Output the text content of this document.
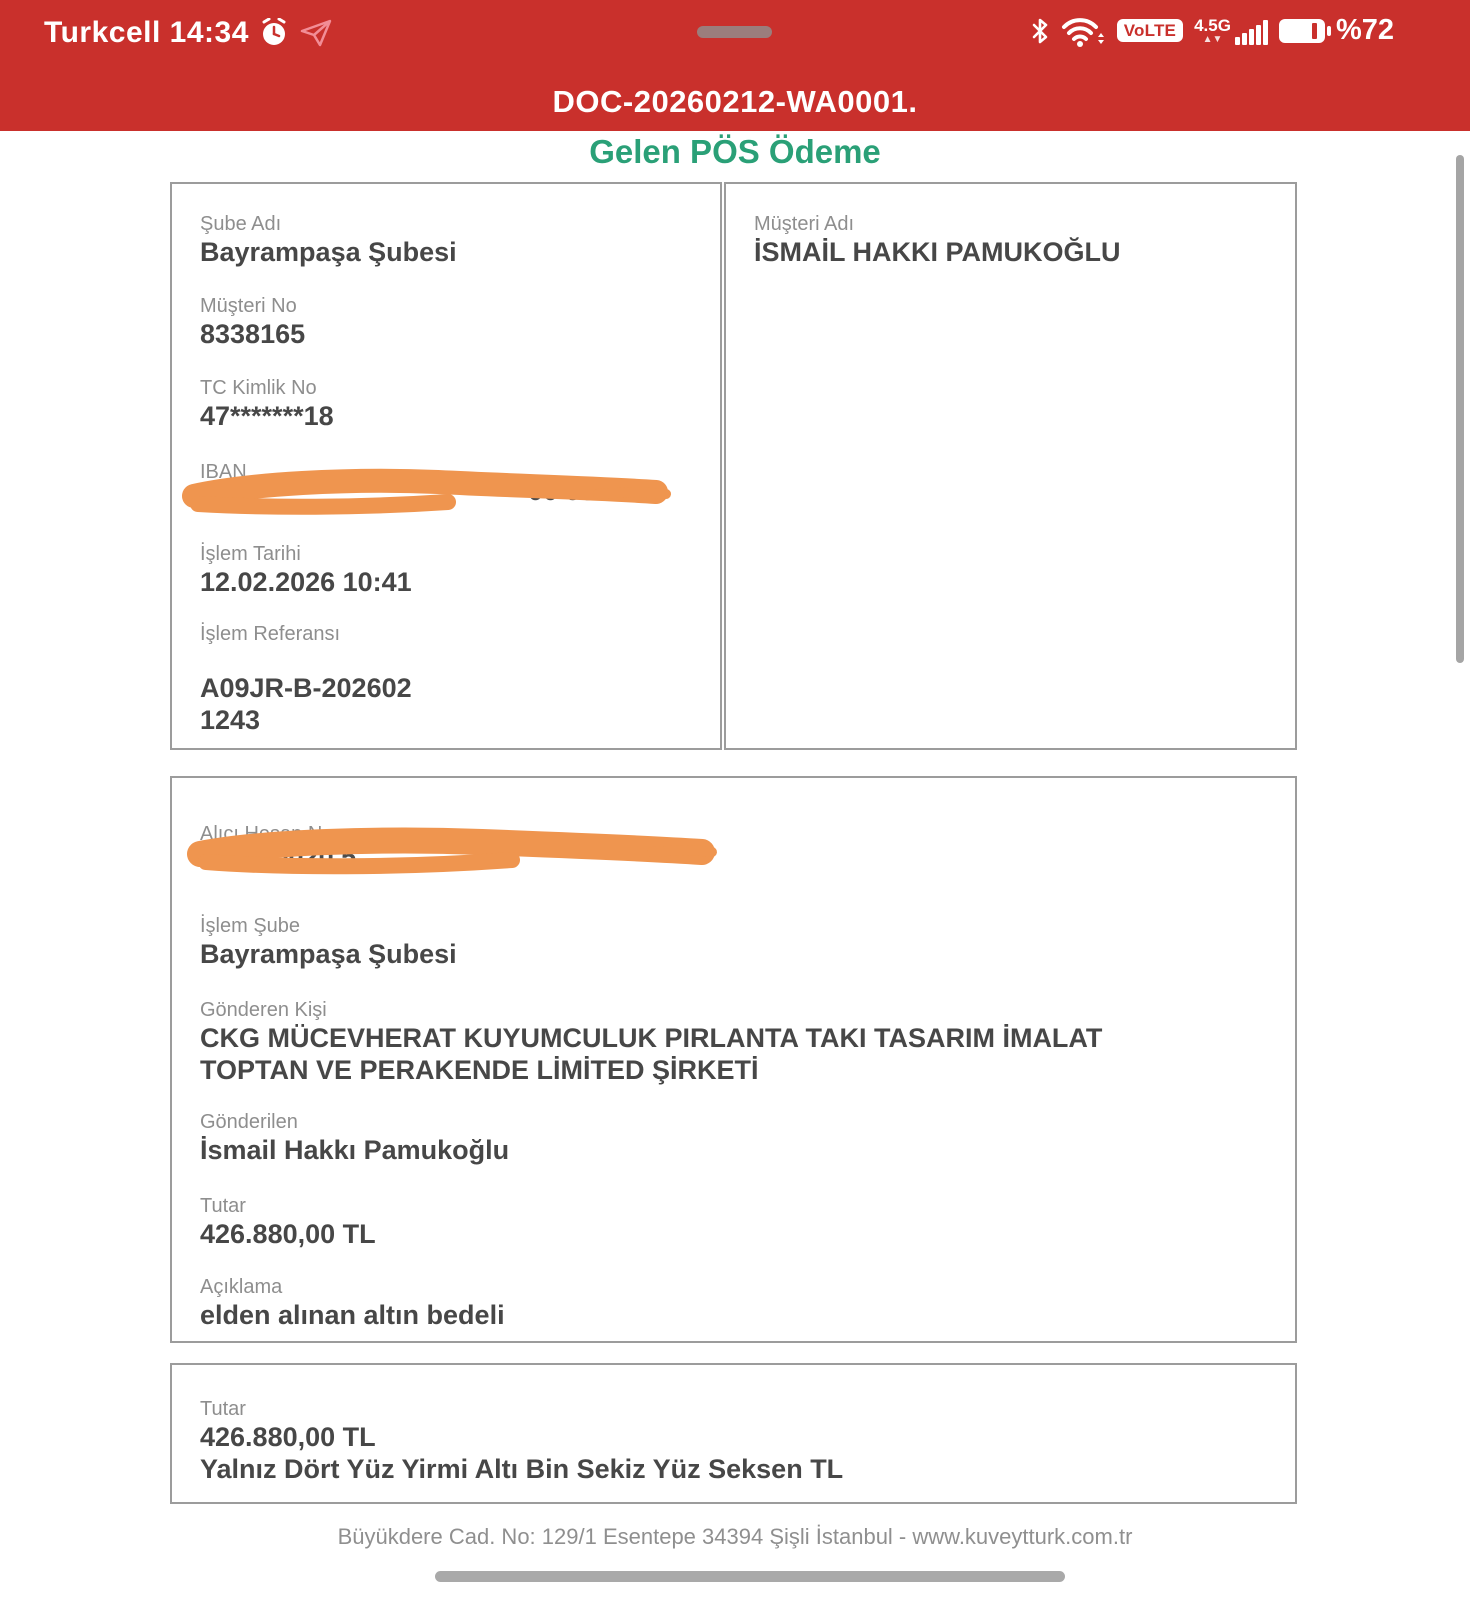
Turkcell 14:34	VoLTE	4.5G
▲▼	%72
DOC-20260212-WA0001.
Gelen PÖS Ödeme
Şube Adı
Bayrampaşa Şubesi
Müşteri No
8338165
TC Kimlik No
47*******18
IBAN
T	00 98
İşlem Tarihi
12.02.2026 10:41
İşlem Referansı
A09JR-B-202602
1243
Müşteri Adı
İSMAİL HAKKI PAMUKOĞLU
Alıcı Hesap No
TR25 0020 5
İşlem Şube
Bayrampaşa Şubesi
Gönderen Kişi
CKG MÜCEVHERAT KUYUMCULUK PIRLANTA TAKI TASARIM İMALAT TOPTAN VE PERAKENDE LİMİTED ŞİRKETİ
Gönderilen
İsmail Hakkı Pamukoğlu
Tutar
426.880,00 TL
Açıklama
elden alınan altın bedeli
Tutar
426.880,00 TL
Yalnız Dört Yüz Yirmi Altı Bin Sekiz Yüz Seksen TL
Büyükdere Cad. No: 129/1 Esentepe 34394 Şişli İstanbul - www.kuveytturk.com.tr
